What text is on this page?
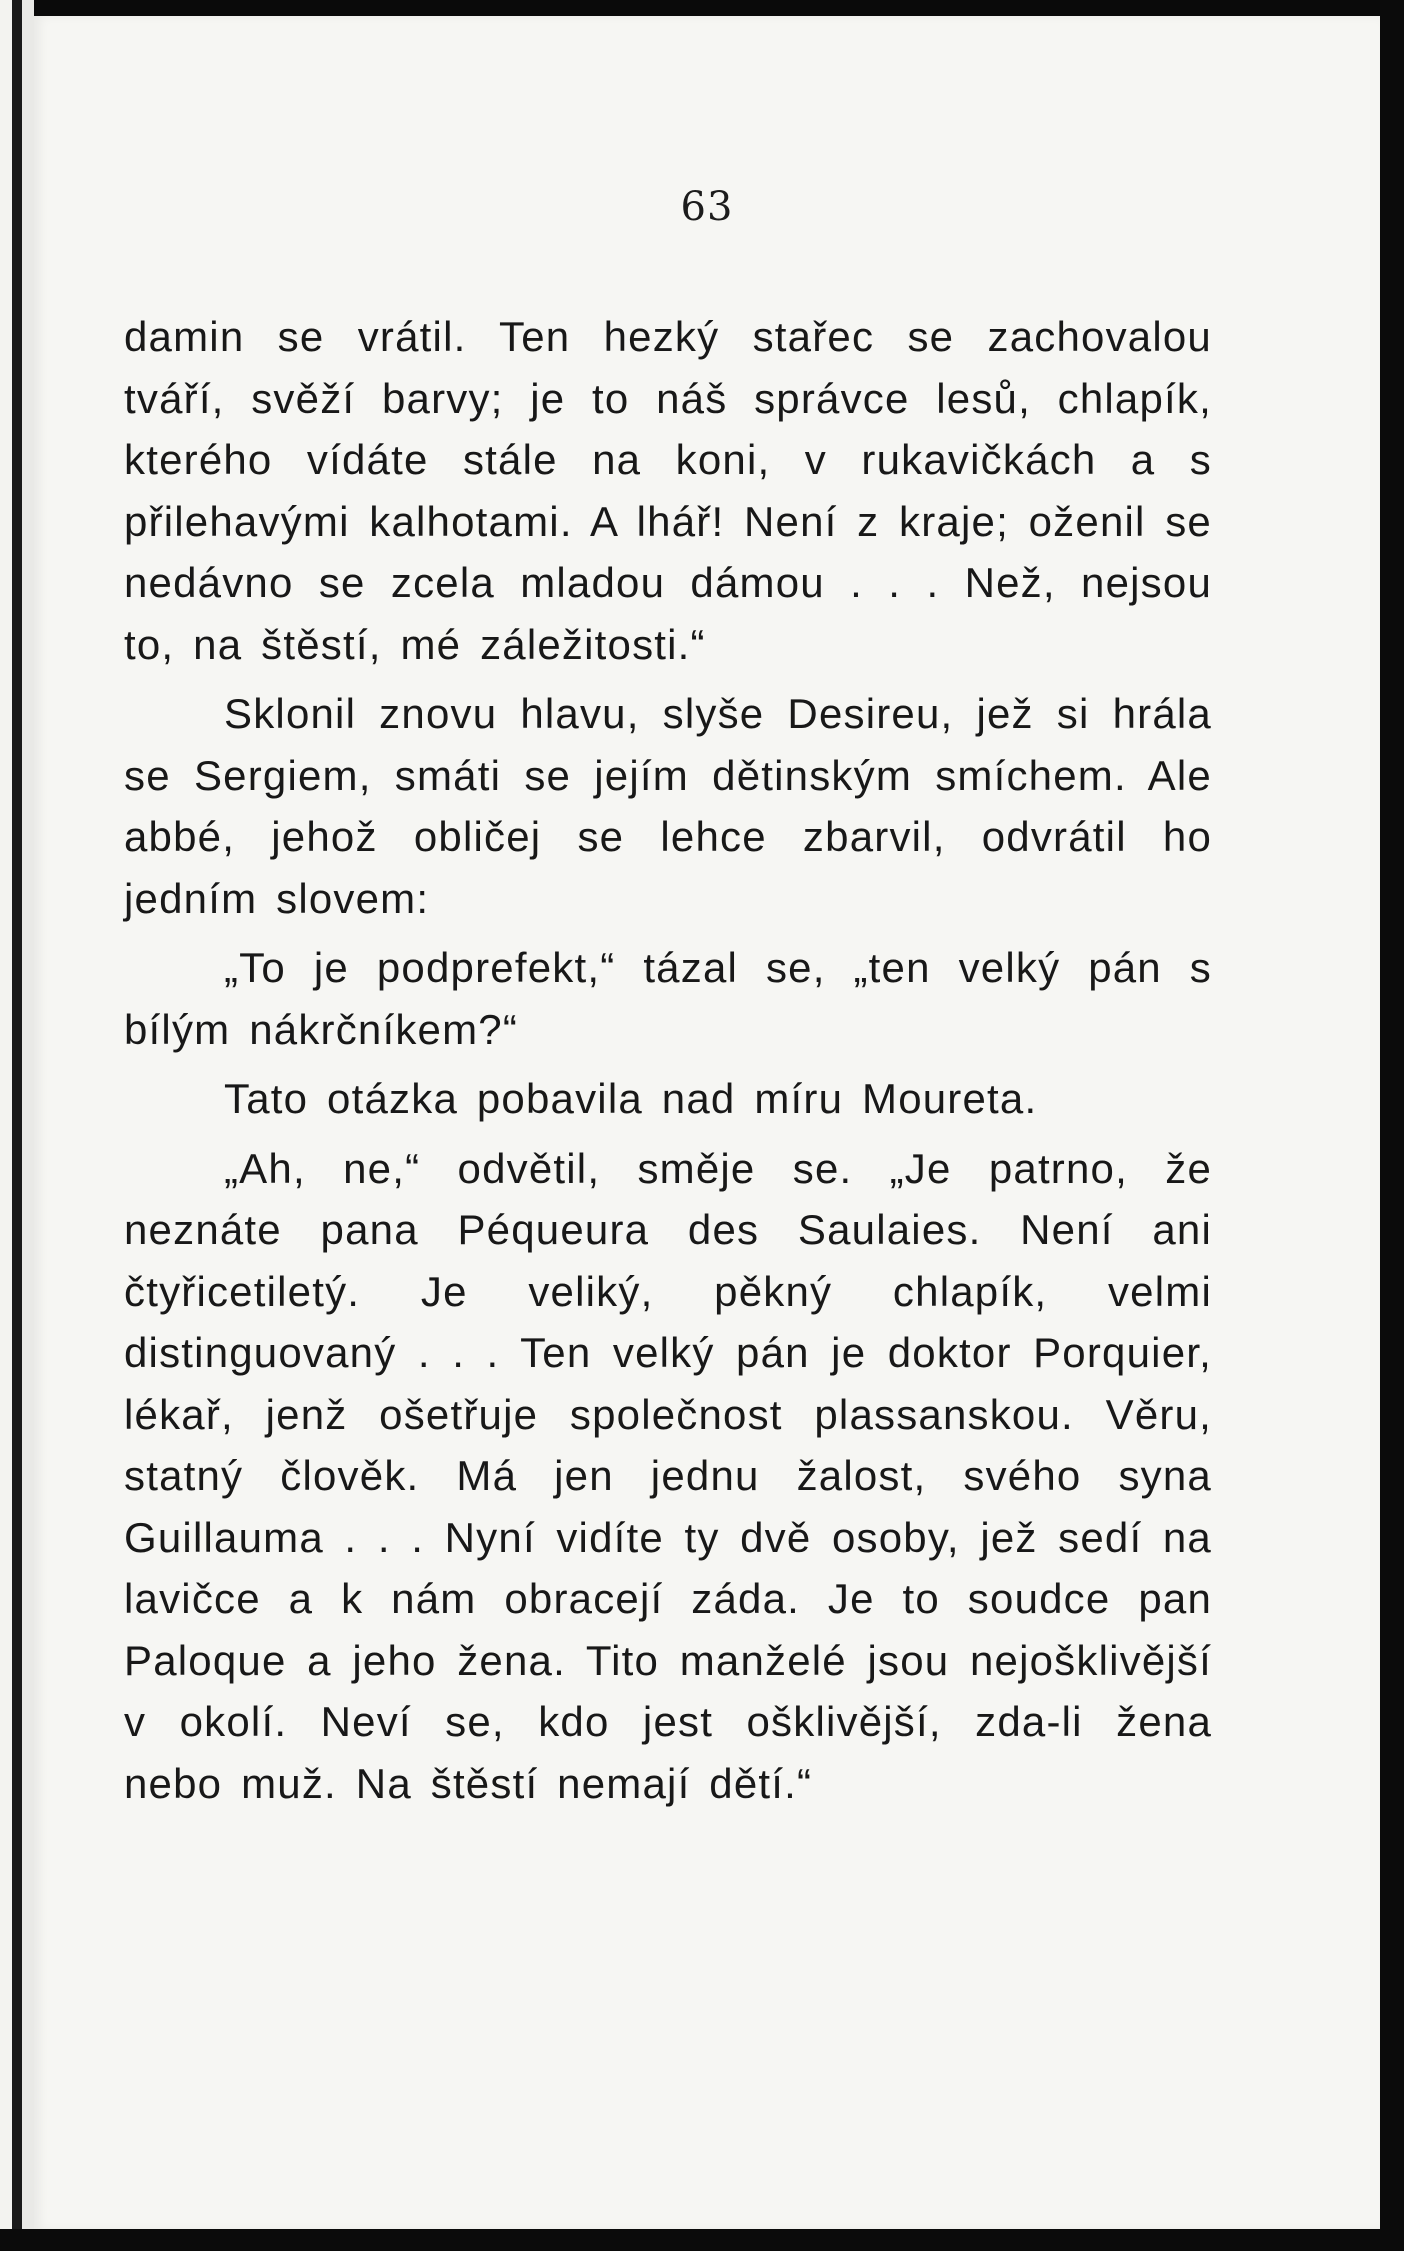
63

damin se vrátil. Ten hezký stařec se zachovalou tváří, svěží barvy; je to náš správce lesů, chlapík, kterého vídáte stále na koni, v rukavičkách a s přilehavými kalhotami. A lhář! Není z kraje; oženil se nedávno se zcela mladou dámou . . . Než, nejsou to, na štěstí, mé záležitosti.“

Sklonil znovu hlavu, slyše Desireu, jež si hrála se Sergiem, smáti se jejím dětinským smíchem. Ale abbé, jehož obličej se lehce zbarvil, odvrátil ho jedním slovem:

„To je podprefekt,“ tázal se, „ten velký pán s bílým nákrčníkem?“

Tato otázka pobavila nad míru Moureta.

„Ah, ne,“ odvětil, směje se. „Je patrno, že neznáte pana Péqueura des Saulaies. Není ani čtyřicetiletý. Je veliký, pěkný chlapík, velmi distinguovaný . . . Ten velký pán je doktor Porquier, lékař, jenž ošetřuje společnost plassanskou. Věru, statný člověk. Má jen jednu žalost, svého syna Guillauma . . . Nyní vidíte ty dvě osoby, jež sedí na lavičce a k nám obracejí záda. Je to soudce pan Paloque a jeho žena. Tito manželé jsou nejošklivější v okolí. Neví se, kdo jest ošklivější, zda-li žena nebo muž. Na štěstí nemají dětí.“
